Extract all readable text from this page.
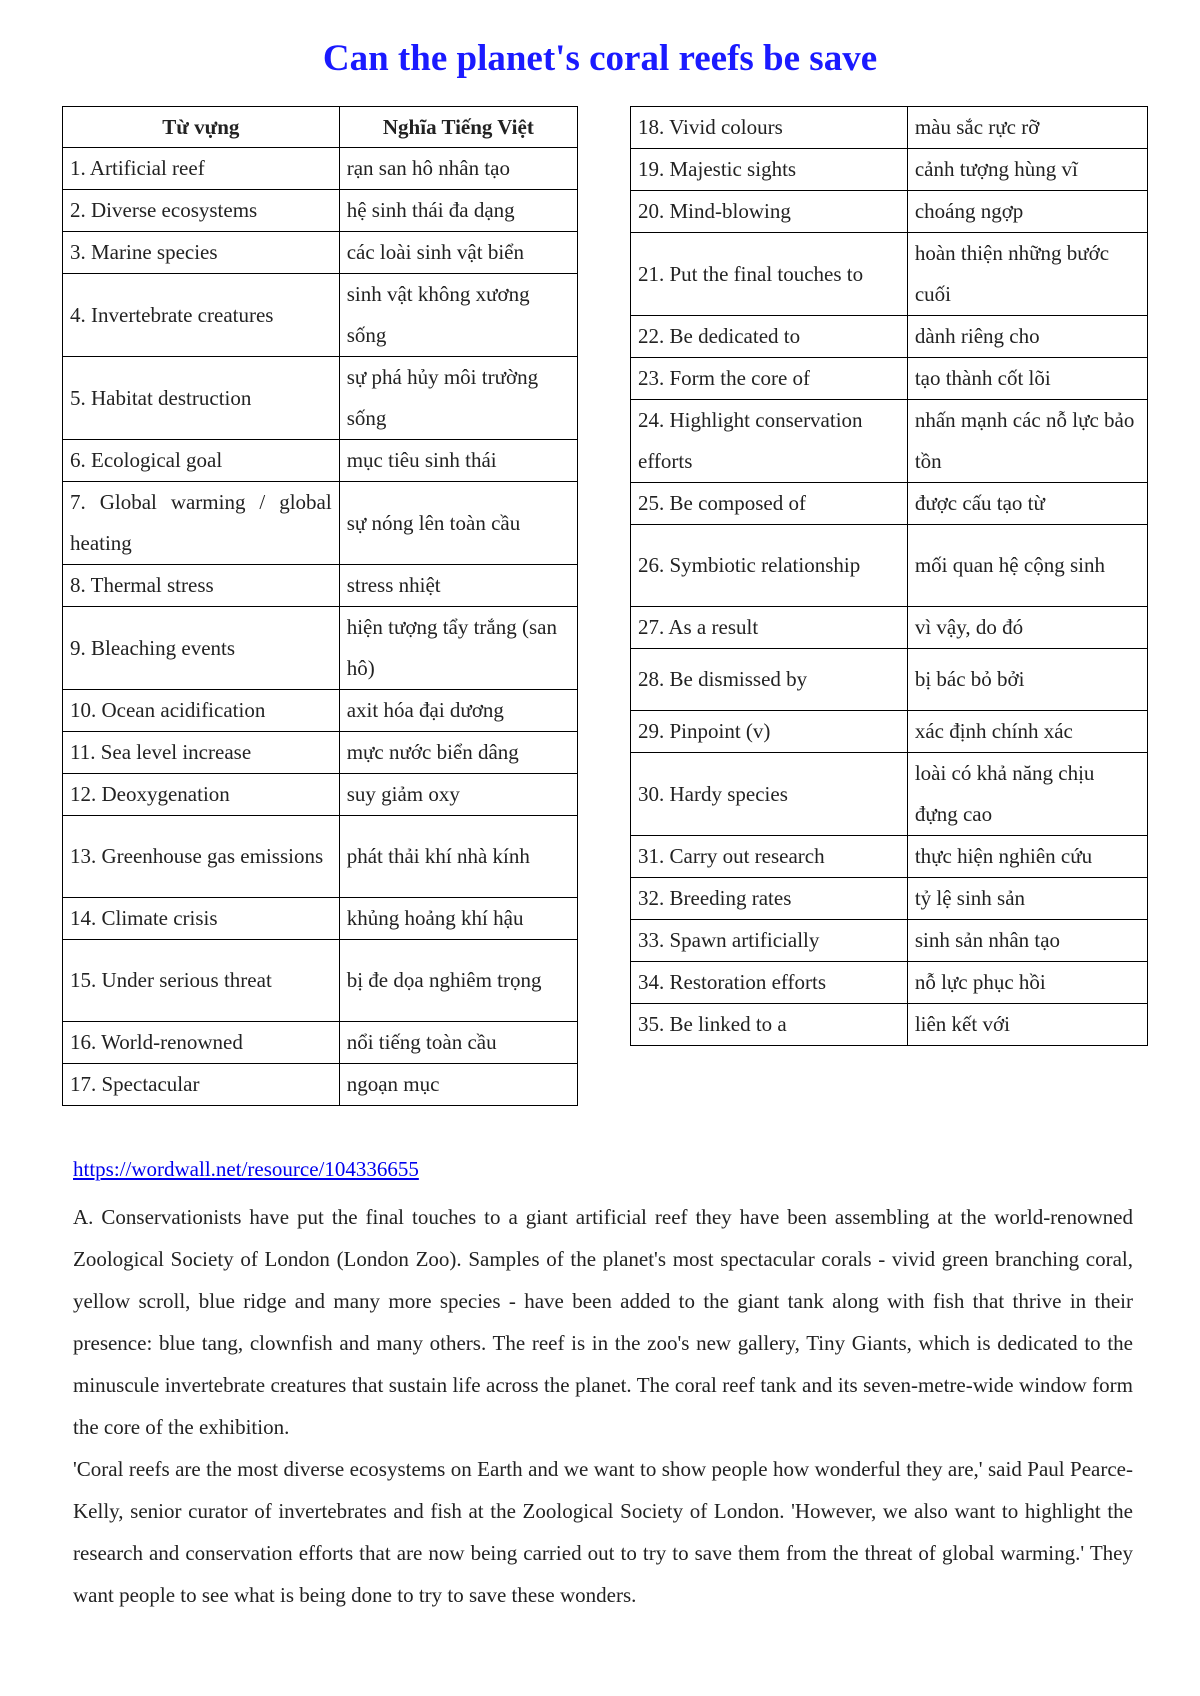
Can the planet's coral reefs be save
Từ vựng	Nghĩa Tiếng Việt
1. Artificial reef	rạn san hô nhân tạo
2. Diverse ecosystems	hệ sinh thái đa dạng
3. Marine species	các loài sinh vật biển
4. Invertebrate creatures	sinh vật không xương sống
5. Habitat destruction	sự phá hủy môi trường sống
6. Ecological goal	mục tiêu sinh thái
7. Global warming / global heating	sự nóng lên toàn cầu
8. Thermal stress	stress nhiệt
9. Bleaching events	hiện tượng tẩy trắng (san hô)
10. Ocean acidification	axit hóa đại dương
11. Sea level increase	mực nước biển dâng
12. Deoxygenation	suy giảm oxy
13. Greenhouse gas emissions	phát thải khí nhà kính
14. Climate crisis	khủng hoảng khí hậu
15. Under serious threat	bị đe dọa nghiêm trọng
16. World-renowned	nổi tiếng toàn cầu
17. Spectacular	ngoạn mục
18. Vivid colours	màu sắc rực rỡ
19. Majestic sights	cảnh tượng hùng vĩ
20. Mind-blowing	choáng ngợp
21. Put the final touches to	hoàn thiện những bước cuối
22. Be dedicated to	dành riêng cho
23. Form the core of	tạo thành cốt lõi
24. Highlight conservation efforts	nhấn mạnh các nỗ lực bảo tồn
25. Be composed of	được cấu tạo từ
26. Symbiotic relationship	mối quan hệ cộng sinh
27. As a result	vì vậy, do đó
28. Be dismissed by	bị bác bỏ bởi
29. Pinpoint (v)	xác định chính xác
30. Hardy species	loài có khả năng chịu đựng cao
31. Carry out research	thực hiện nghiên cứu
32. Breeding rates	tỷ lệ sinh sản
33. Spawn artificially	sinh sản nhân tạo
34. Restoration efforts	nỗ lực phục hồi
35. Be linked to a	liên kết với
https://wordwall.net/resource/104336655

A. Conservationists have put the final touches to a giant artificial reef they have been assembling at the world-renowned Zoological Society of London (London Zoo). Samples of the planet's most spectacular corals - vivid green branching coral, yellow scroll, blue ridge and many more species - have been added to the giant tank along with fish that thrive in their presence: blue tang, clownfish and many others. The reef is in the zoo's new gallery, Tiny Giants, which is dedicated to the minuscule invertebrate creatures that sustain life across the planet. The coral reef tank and its seven-metre-wide window form the core of the exhibition.

'Coral reefs are the most diverse ecosystems on Earth and we want to show people how wonderful they are,' said Paul Pearce-Kelly, senior curator of invertebrates and fish at the Zoological Society of London. 'However, we also want to highlight the research and conservation efforts that are now being carried out to try to save them from the threat of global warming.' They want people to see what is being done to try to save these wonders.
